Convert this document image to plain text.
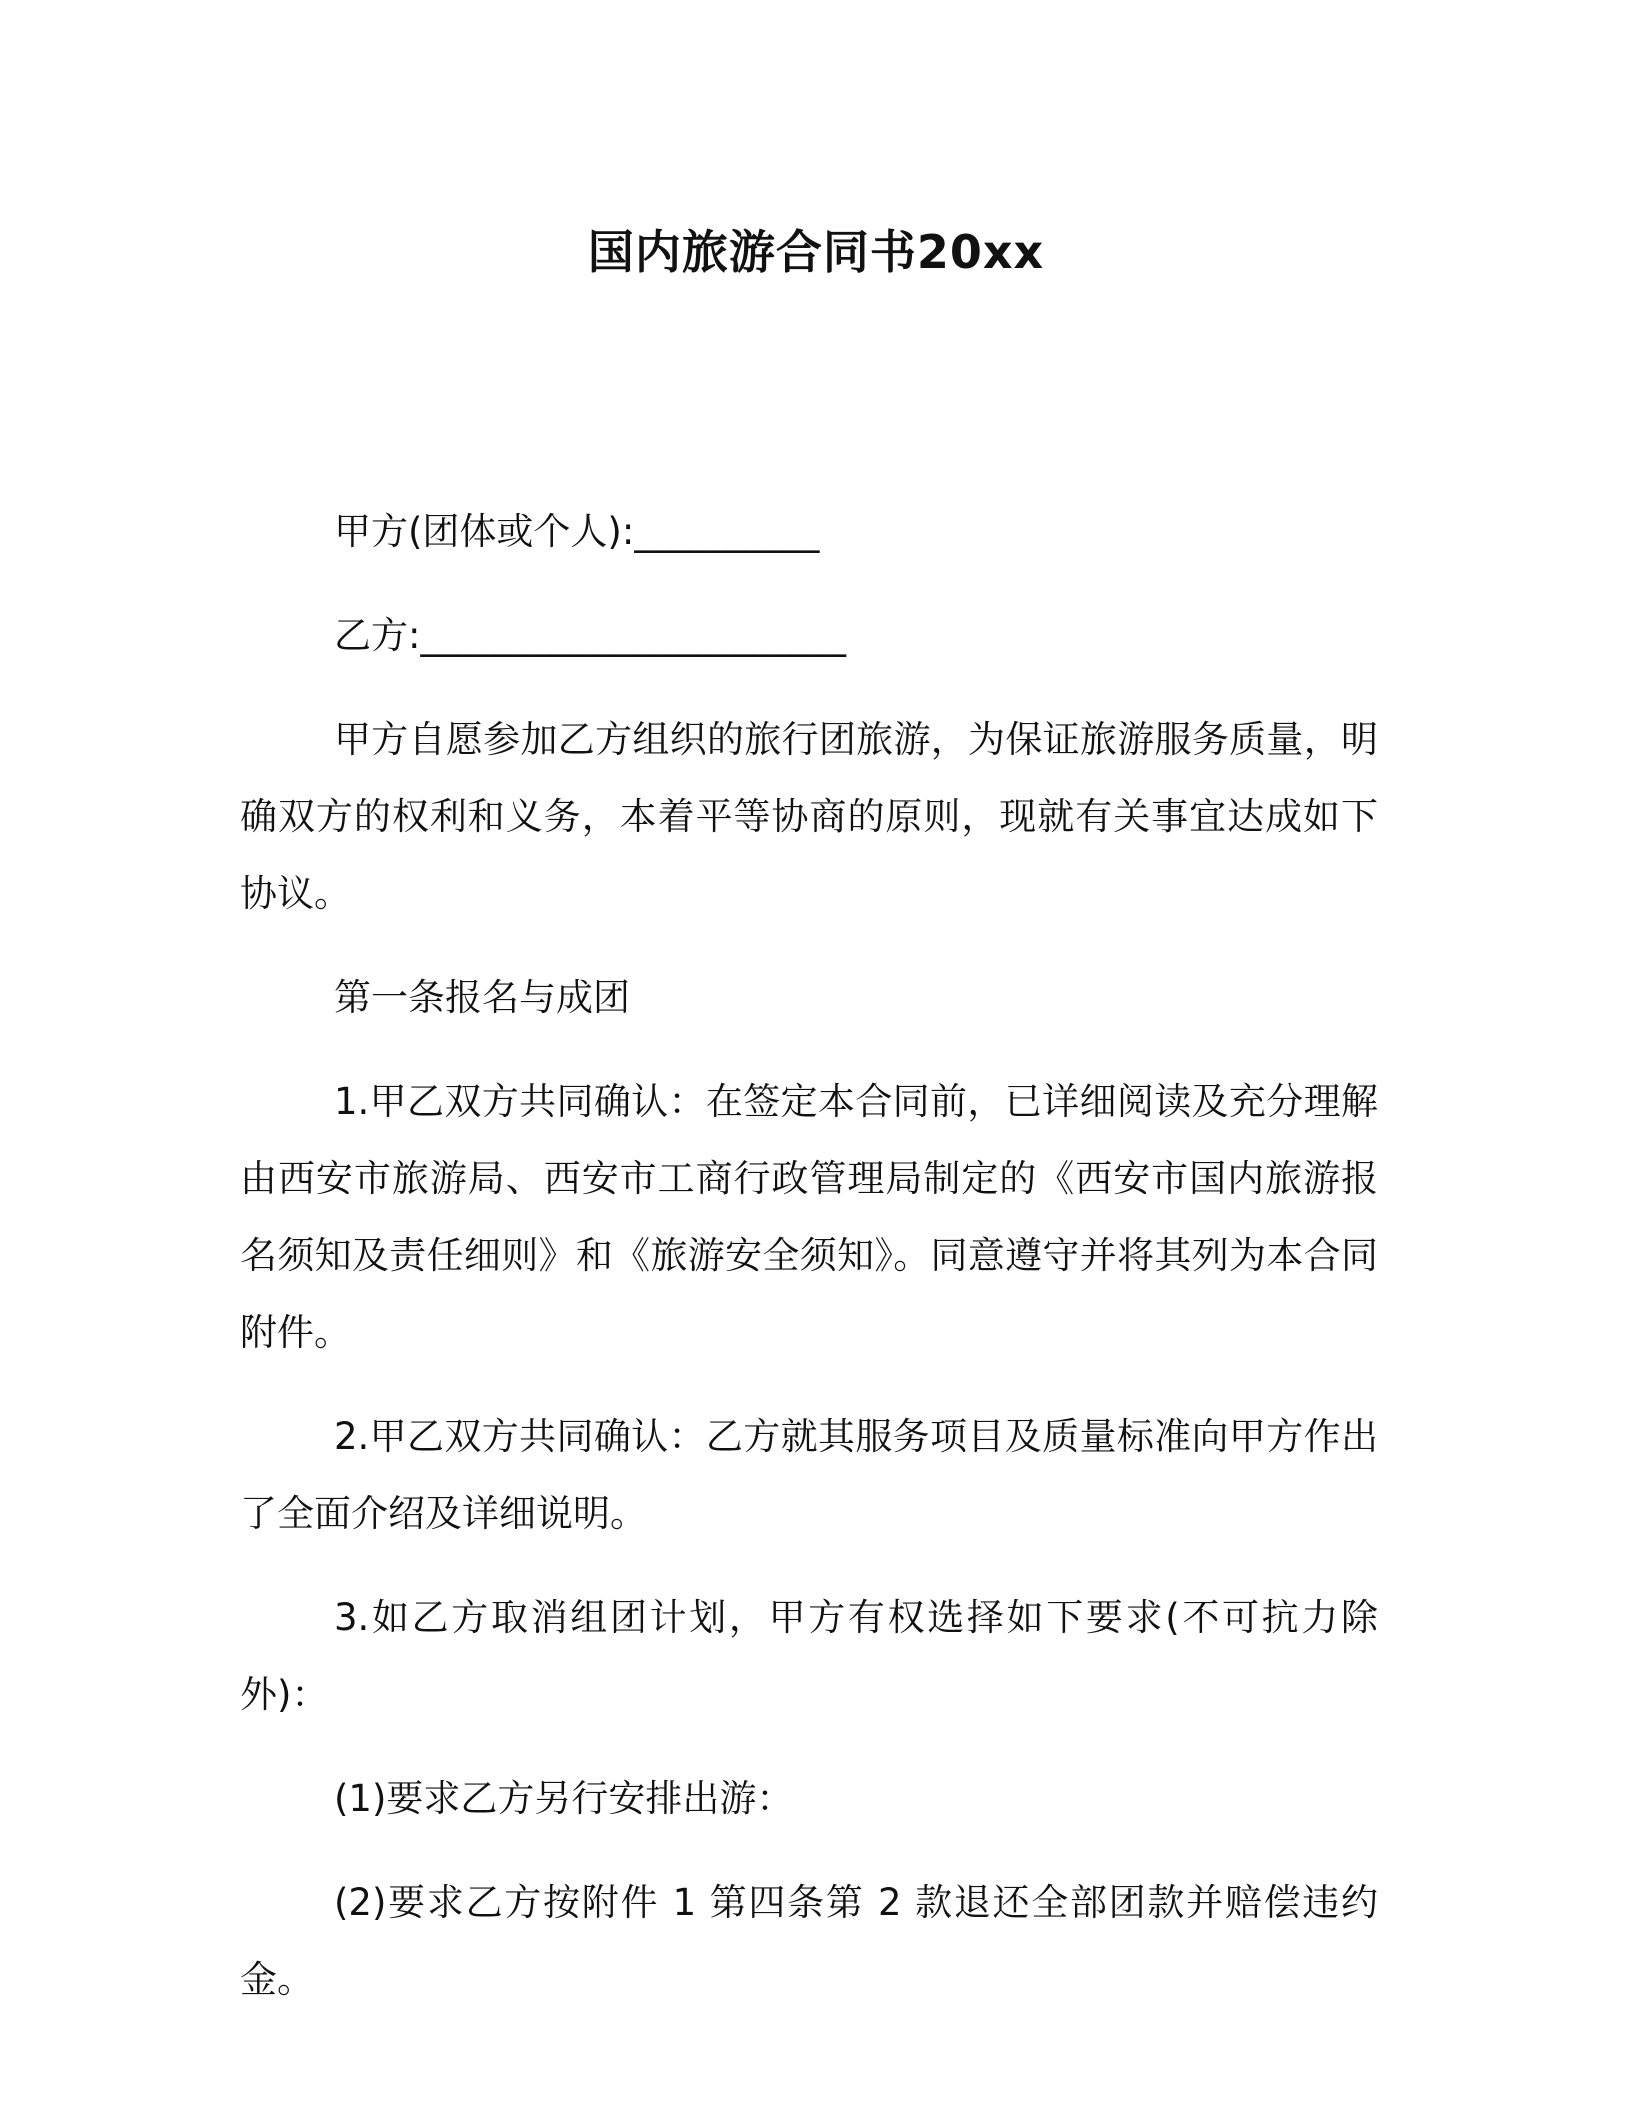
国内旅游合同书20xx

甲方(团体或个人):__________

乙方:_______________________

甲方自愿参加乙方组织的旅行团旅游，为保证旅游服务质量，明确双方的权利和义务，本着平等协商的原则，现就有关事宜达成如下协议。

第一条报名与成团

1.甲乙双方共同确认：在签定本合同前，已详细阅读及充分理解由西安市旅游局、西安市工商行政管理局制定的《西安市国内旅游报名须知及责任细则》和《旅游安全须知》。同意遵守并将其列为本合同附件。

2.甲乙双方共同确认：乙方就其服务项目及质量标准向甲方作出了全面介绍及详细说明。

3.如乙方取消组团计划，甲方有权选择如下要求(不可抗力除外)：

(1)要求乙方另行安排出游：

(2)要求乙方按附件 1 第四条第 2 款退还全部团款并赔偿违约金。
